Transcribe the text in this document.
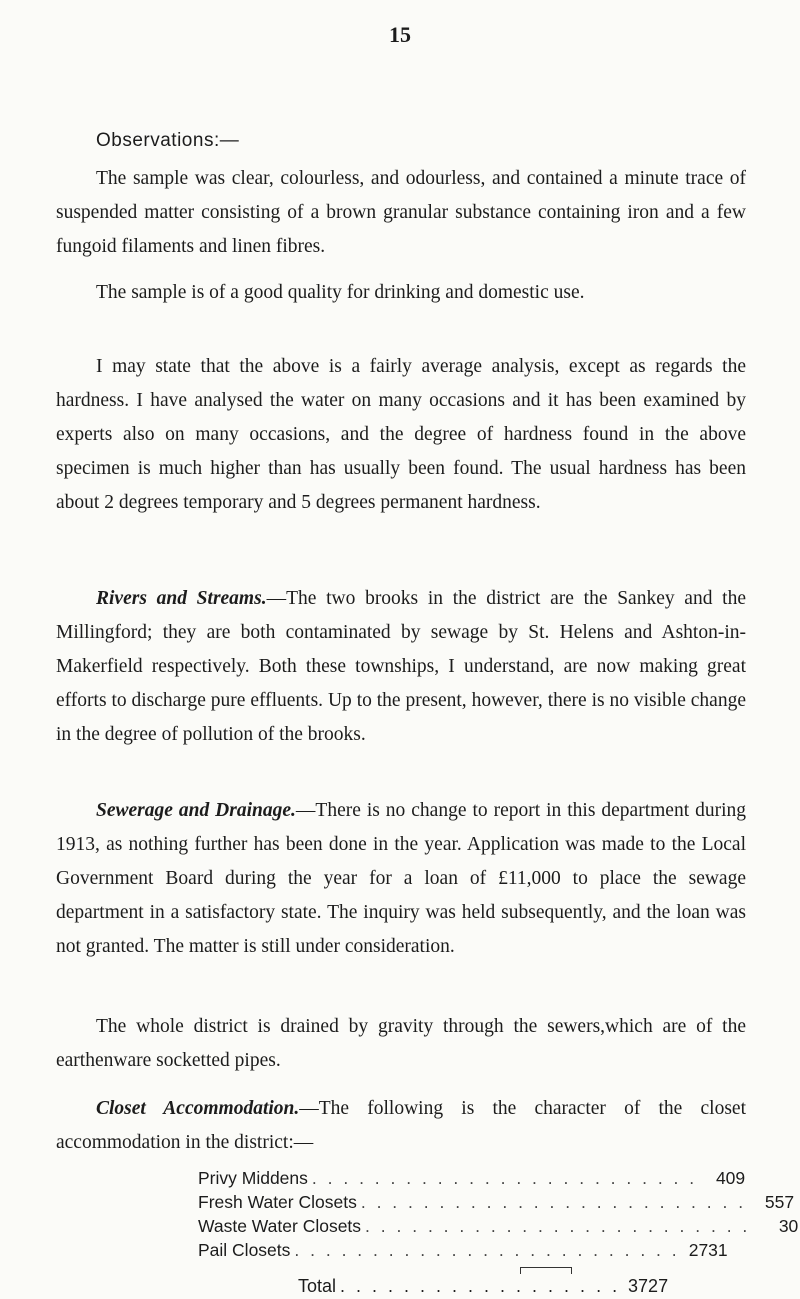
15
Observations:—

The sample was clear, colourless, and odourless, and contained a minute trace of suspended matter consisting of a brown granular substance containing iron and a few fungoid filaments and linen fibres.

The sample is of a good quality for drinking and domestic use.

I may state that the above is a fairly average analysis, except as regards the hardness. I have analysed the water on many occasions and it has been examined by experts also on many occasions, and the degree of hardness found in the above specimen is much higher than has usually been found. The usual hardness has been about 2 degrees temporary and 5 degrees permanent hardness.

Rivers and Streams.—The two brooks in the district are the Sankey and the Millingford; they are both contaminated by sewage by St. Helens and Ashton-in-Makerfield respectively. Both these townships, I understand, are now making great efforts to discharge pure effluents. Up to the present, however, there is no visible change in the degree of pollution of the brooks.

Sewerage and Drainage.—There is no change to report in this department during 1913, as nothing further has been done in the year. Application was made to the Local Government Board during the year for a loan of £11,000 to place the sewage department in a satisfactory state. The inquiry was held subsequently, and the loan was not granted. The matter is still under consideration.

The whole district is drained by gravity through the sewers,which are of the earthenware socketted pipes.

Closet Accommodation.—The following is the character of the closet accommodation in the district:—

Privy Middens . . . . . . . . . . . . . . . . . . . . . . . . .	409
Fresh Water Closets . . . . . . . . . . . . . . . . . . . . . . . . .	557
Waste Water Closets . . . . . . . . . . . . . . . . . . . . . . . . .	30
Pail Closets . . . . . . . . . . . . . . . . . . . . . . . . . 2731
Total . . . . . . . . . . . . . . . . . . 3727
